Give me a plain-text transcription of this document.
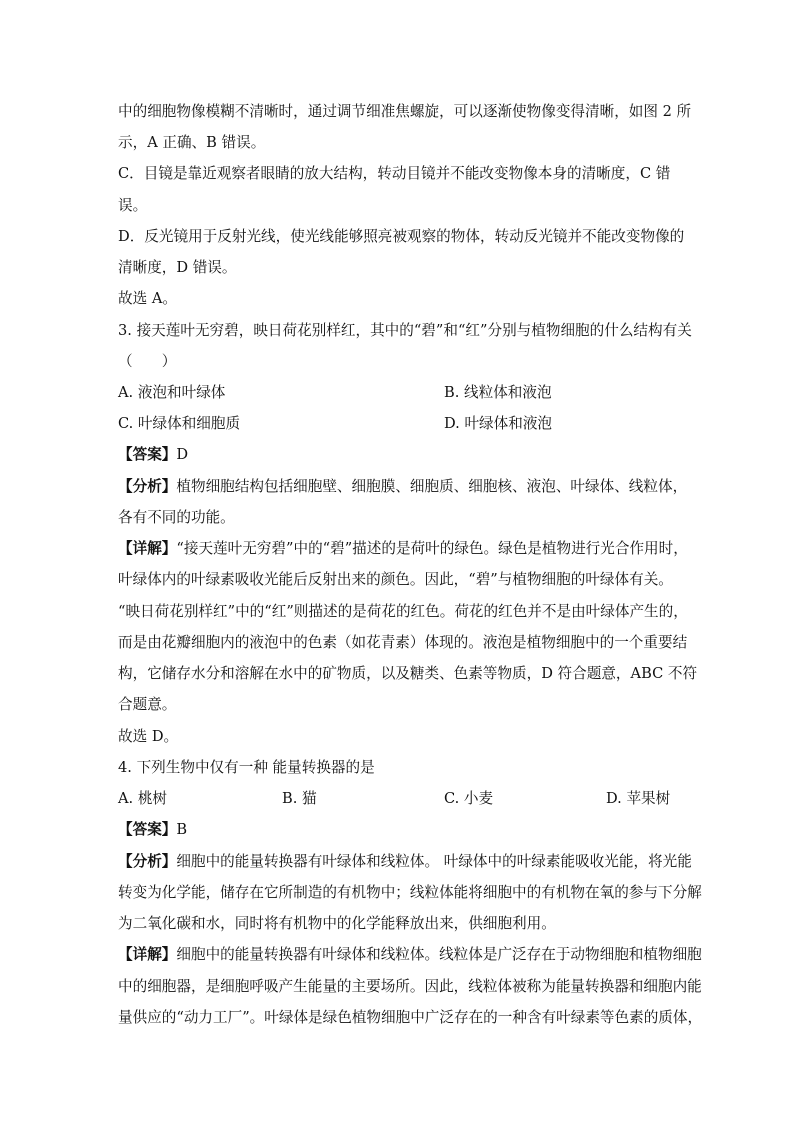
中的细胞物像模糊不清晰时，通过调节细准焦螺旋，可以逐渐使物像变得清晰，如图 2 所
示，A 正确、B 错误。
C．目镜是靠近观察者眼睛的放大结构，转动目镜并不能改变物像本身的清晰度，C 错
误。
D．反光镜用于反射光线，使光线能够照亮被观察的物体，转动反光镜并不能改变物像的
清晰度，D 错误。
故选 A。
3. 接天莲叶无穷碧，映日荷花别样红，其中的“碧”和“红”分别与植物细胞的什么结构有关
（　　）
A. 液泡和叶绿体	B. 线粒体和液泡
C. 叶绿体和细胞质	D. 叶绿体和液泡
【答案】D
【分析】植物细胞结构包括细胞壁、细胞膜、细胞质、细胞核、液泡、叶绿体、线粒体，
各有不同的功能。
【详解】“接天莲叶无穷碧”中的“碧”描述的是荷叶的绿色。绿色是植物进行光合作用时，
叶绿体内的叶绿素吸收光能后反射出来的颜色。因此，“碧”与植物细胞的叶绿体有关。
“映日荷花别样红”中的“红”则描述的是荷花的红色。荷花的红色并不是由叶绿体产生的，
而是由花瓣细胞内的液泡中的色素（如花青素）体现的。液泡是植物细胞中的一个重要结
构，它储存水分和溶解在水中的矿物质，以及糖类、色素等物质，D 符合题意，ABC 不符
合题意。
故选 D。
4. 下列生物中仅有一种 能量转换器的是
A. 桃树	B. 猫	C. 小麦	D. 苹果树
【答案】B
【分析】细胞中的能量转换器有叶绿体和线粒体。 叶绿体中的叶绿素能吸收光能，将光能
转变为化学能，储存在它所制造的有机物中；线粒体能将细胞中的有机物在氧的参与下分解
为二氧化碳和水，同时将有机物中的化学能释放出来，供细胞利用。
【详解】细胞中的能量转换器有叶绿体和线粒体。线粒体是广泛存在于动物细胞和植物细胞
中的细胞器，是细胞呼吸产生能量的主要场所。因此，线粒体被称为能量转换器和细胞内能
量供应的“动力工厂”。叶绿体是绿色植物细胞中广泛存在的一种含有叶绿素等色素的质体，
